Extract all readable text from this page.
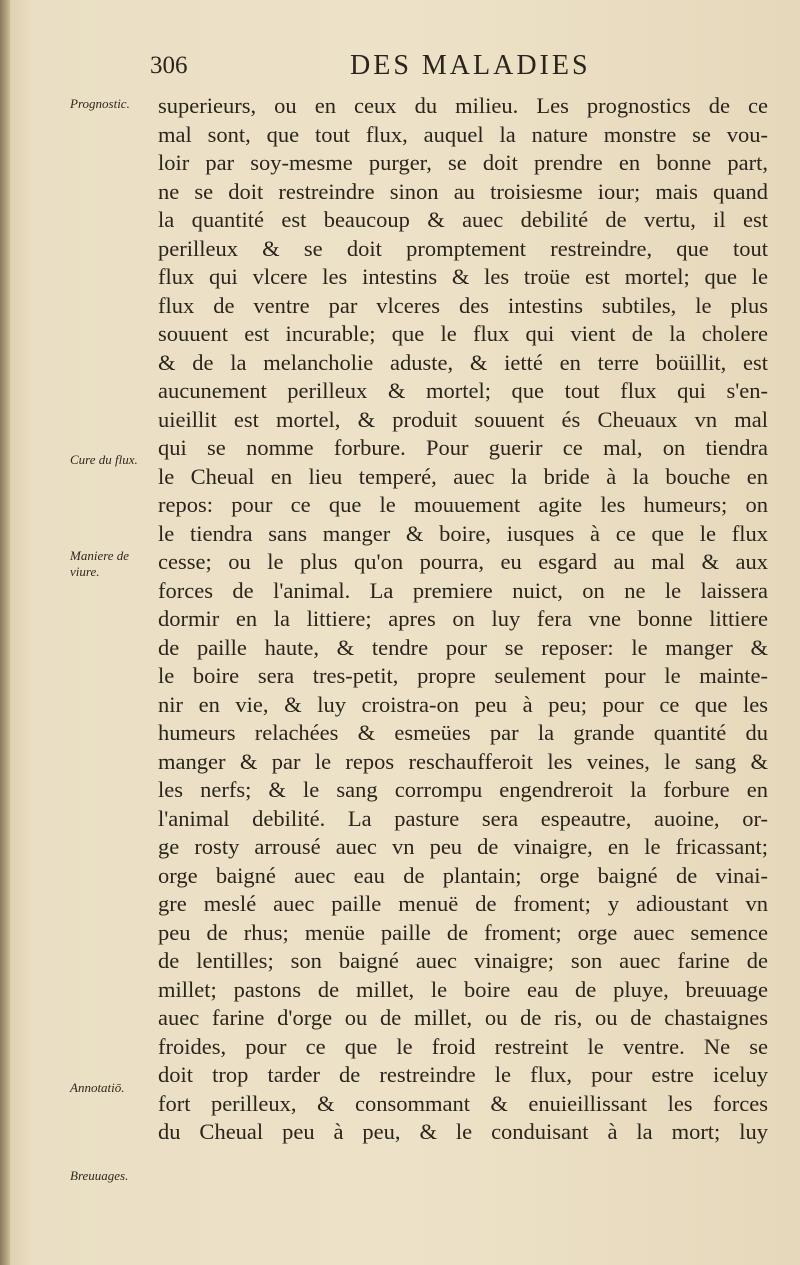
306	DES MALADIES
Prognostic.
Cure du flux.
Maniere de viure.
Annotatiō.
Breuuages.
superieurs, ou en ceux du milieu. Les prognostics de ce
mal sont, que tout flux, auquel la nature monstre se vou-
loir par soy-mesme purger, se doit prendre en bonne part,
ne se doit restreindre sinon au troisiesme iour; mais quand
la quantité est beaucoup & auec debilité de vertu, il est
perilleux & se doit promptement restreindre, que tout
flux qui vlcere les intestins & les troüe est mortel; que le
flux de ventre par vlceres des intestins subtiles, le plus
souuent est incurable; que le flux qui vient de la cholere
& de la melancholie aduste, & ietté en terre boüillit, est
aucunement perilleux & mortel; que tout flux qui s'en-
uieillit est mortel, & produit souuent és Cheuaux vn mal
qui se nomme forbure. Pour guerir ce mal, on tiendra
le Cheual en lieu temperé, auec la bride à la bouche en
repos: pour ce que le mouuement agite les humeurs; on
le tiendra sans manger & boire, iusques à ce que le flux
cesse; ou le plus qu'on pourra, eu esgard au mal & aux
forces de l'animal. La premiere nuict, on ne le laissera
dormir en la littiere; apres on luy fera vne bonne littiere
de paille haute, & tendre pour se reposer: le manger &
le boire sera tres-petit, propre seulement pour le mainte-
nir en vie, & luy croistra-on peu à peu; pour ce que les
humeurs relachées & esmeües par la grande quantité du
manger & par le repos reschaufferoit les veines, le sang &
les nerfs; & le sang corrompu engendreroit la forbure en
l'animal debilité. La pasture sera espeautre, auoine, or-
ge rosty arrousé auec vn peu de vinaigre, en le fricassant;
orge baigné auec eau de plantain; orge baigné de vinai-
gre meslé auec paille menuë de froment; y adioustant vn
peu de rhus; menüe paille de froment; orge auec semence
de lentilles; son baigné auec vinaigre; son auec farine de
millet; pastons de millet, le boire eau de pluye, breuuage
auec farine d'orge ou de millet, ou de ris, ou de chastaignes
froides, pour ce que le froid restreint le ventre. Ne se
doit trop tarder de restreindre le flux, pour estre iceluy
fort perilleux, & consommant & enuieillissant les forces
du Cheual peu à peu, & le conduisant à la mort; luy
